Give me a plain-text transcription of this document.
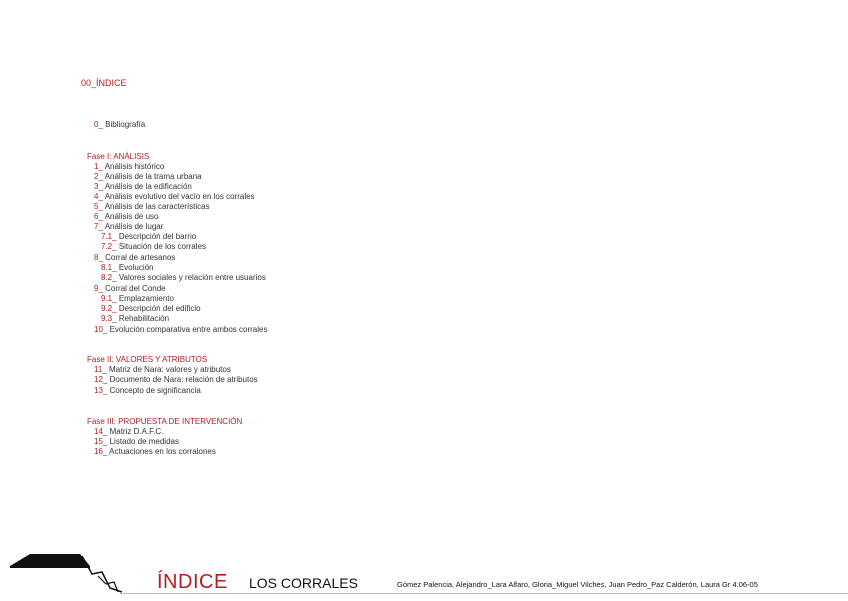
00_ÍNDICE
0_ Bibliografía
Fase I: ANÁLISIS
1_ Análisis histórico
2_ Análisis de la trama urbana
3_ Análisis de la edificación
4_ Análisis evolutivo del vacío en los corrales
5_ Análisis de las características
6_ Análisis de uso
7_ Análisis de lugar
7.1_ Descripción del barrio
7.2_ Situación de los corrales
8_ Corral de artesanos
8.1_ Evolución
8.2_ Valores sociales y relación entre usuarios
9_ Corral del Conde
9.1_ Emplazamiento
9.2_ Descripción del edificio
9.3_ Rehabilitación
10_ Evolución comparativa entre ambos corrales
Fase II: VALORES Y ATRIBUTOS
11_ Matriz de Nara: valores y atributos
12_ Documento de Nara: relación de atributos
13_ Concepto de significancia
Fase III: PROPUESTA DE INTERVENCIÓN
14_ Matriz D.A.F.C.
15_ Listado de medidas
16_ Actuaciones en los corralones
ÍNDICE LOS CORRALES	Gómez Palencia, Alejandro_Lara Alfaro, Gloria_Miguel Vilches, Juan Pedro_Paz Calderón, Laura Gr 4.06-05
